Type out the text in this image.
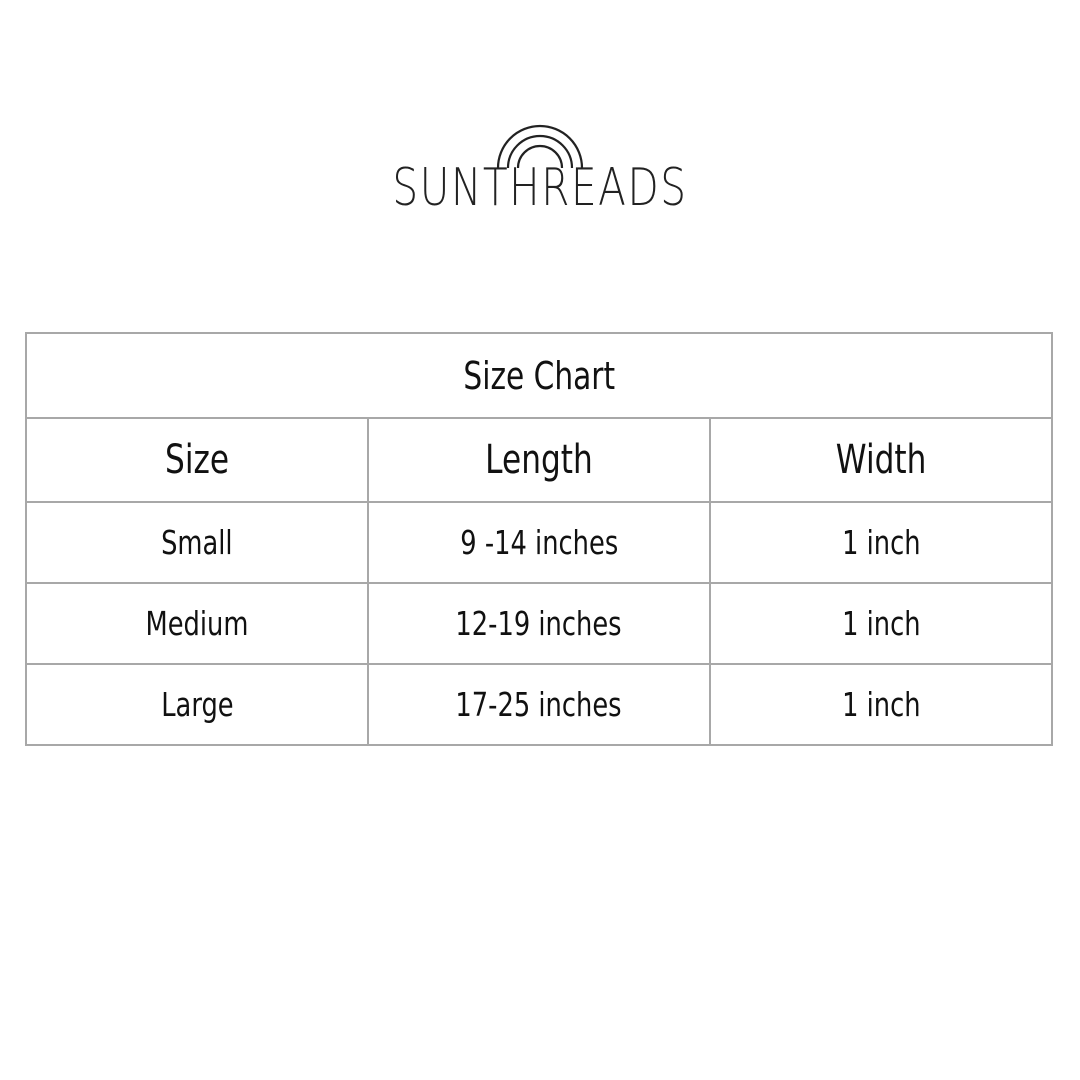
SUNTHREADS
Size Chart		
Size	Length	Width
Small	9 -14 inches	1 inch
Medium	12-19 inches	1 inch
Large	17-25 inches	1 inch
